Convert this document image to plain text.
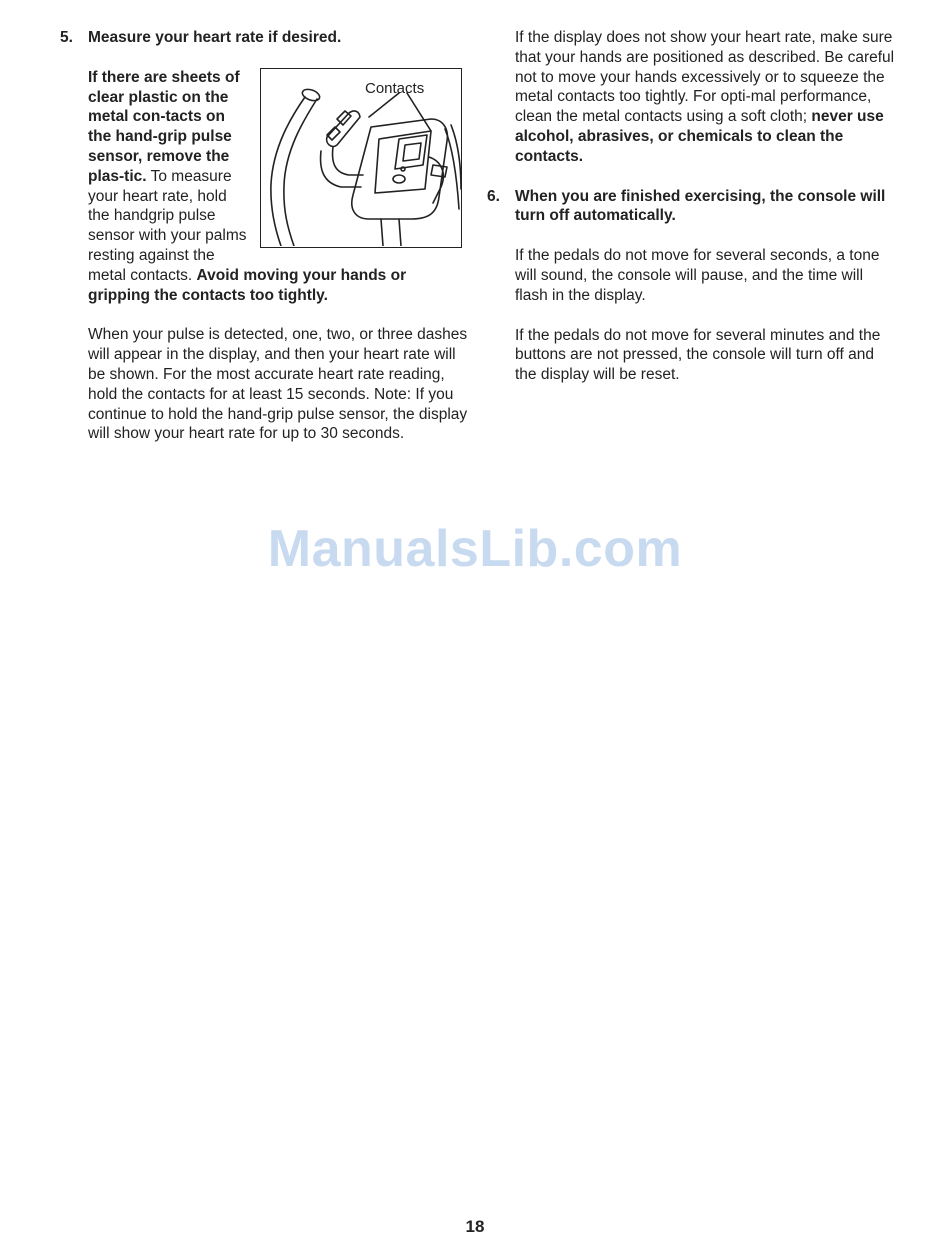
5. Measure your heart rate if desired.

Contacts
If there are sheets of clear plastic on the metal con-tacts on the hand-grip pulse sensor, remove the plas-tic. To measure your heart rate, hold the handgrip pulse sensor with your palms resting against the metal contacts. Avoid moving your hands or gripping the contacts too tightly.

When your pulse is detected, one, two, or three dashes will appear in the display, and then your heart rate will be shown. For the most accurate heart rate reading, hold the contacts for at least 15 seconds. Note: If you continue to hold the hand-grip pulse sensor, the display will show your heart rate for up to 30 seconds.

If the display does not show your heart rate, make sure that your hands are positioned as described. Be careful not to move your hands excessively or to squeeze the metal contacts too tightly. For opti-mal performance, clean the metal contacts using a soft cloth; never use alcohol, abrasives, or chemicals to clean the contacts.

6. When you are finished exercising, the console will turn off automatically.

If the pedals do not move for several seconds, a tone will sound, the console will pause, and the time will flash in the display.

If the pedals do not move for several minutes and the buttons are not pressed, the console will turn off and the display will be reset.

ManualsLib.com
18
